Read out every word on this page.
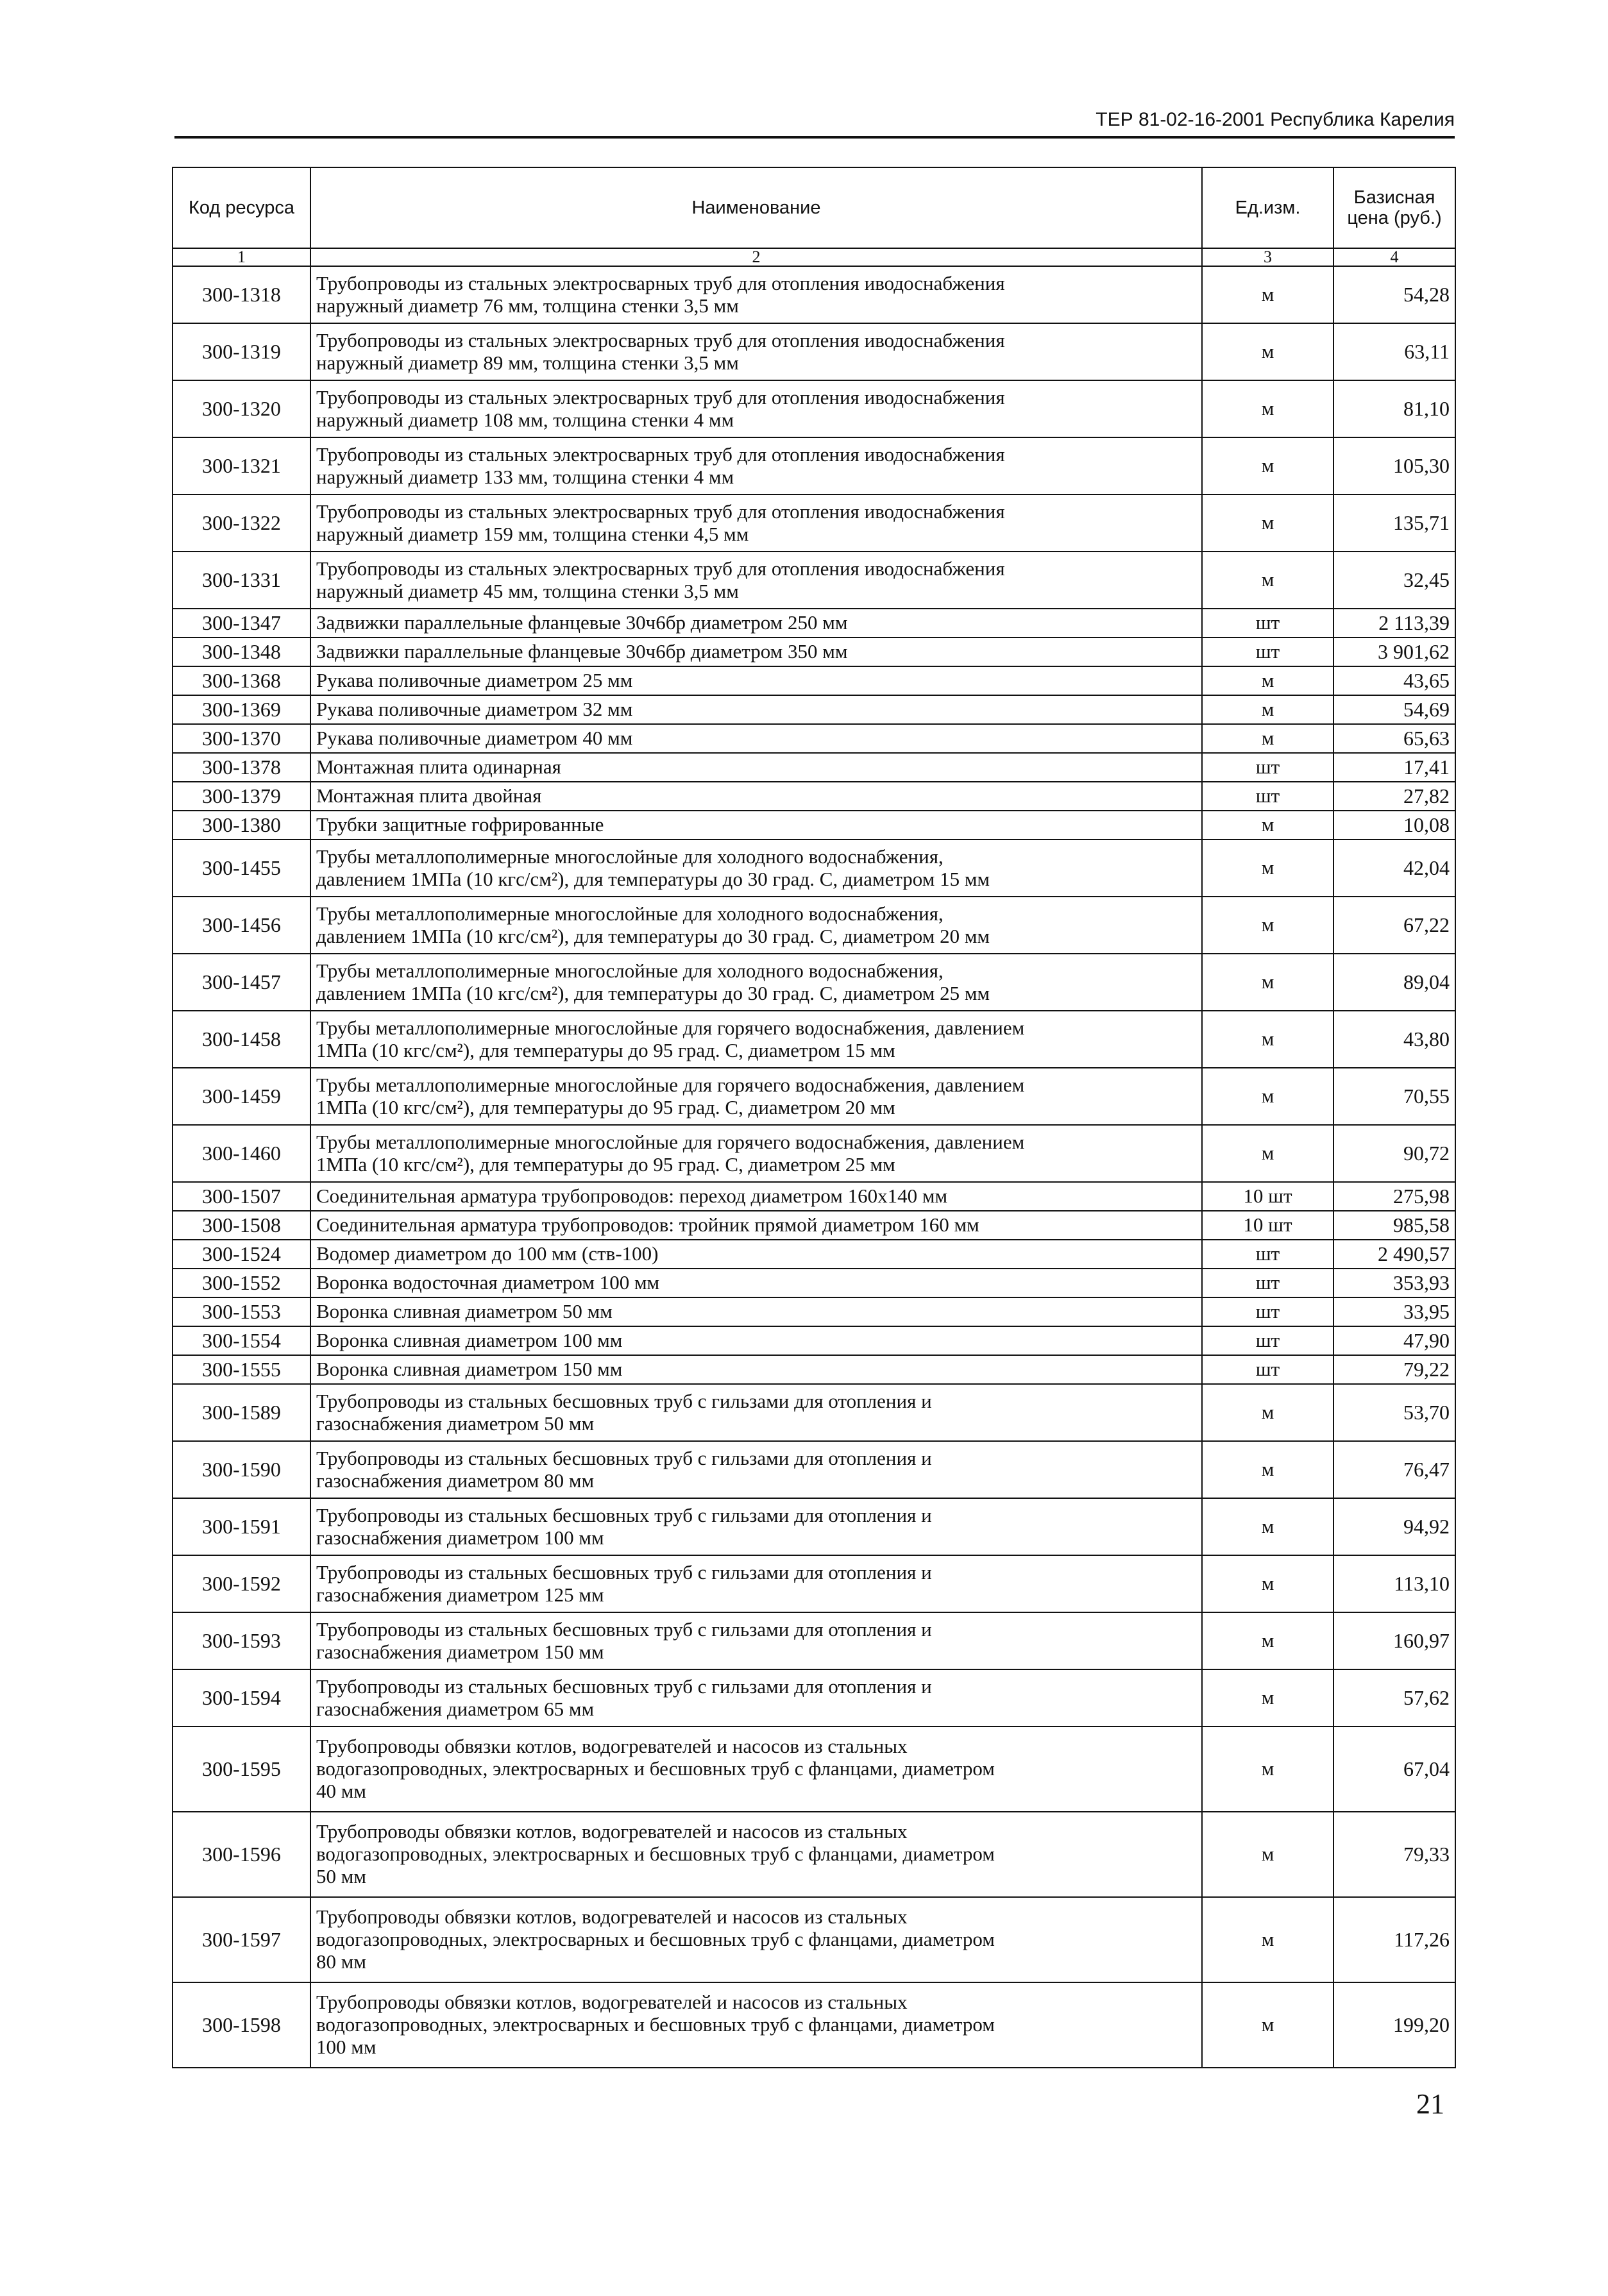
ТЕР 81-02-16-2001 Республика Карелия
Код ресурса	Наименование	Ед.изм.	Базисная цена (руб.)
1	2	3	4
300-1318	Трубопроводы из стальных электросварных труб для отопления иводоснабжения
наружный диаметр 76 мм, толщина стенки 3,5 мм	м	54,28
300-1319	Трубопроводы из стальных электросварных труб для отопления иводоснабжения
наружный диаметр 89 мм, толщина стенки 3,5 мм	м	63,11
300-1320	Трубопроводы из стальных электросварных труб для отопления иводоснабжения
наружный диаметр 108 мм, толщина стенки 4 мм	м	81,10
300-1321	Трубопроводы из стальных электросварных труб для отопления иводоснабжения
наружный диаметр 133 мм, толщина стенки 4 мм	м	105,30
300-1322	Трубопроводы из стальных электросварных труб для отопления иводоснабжения
наружный диаметр 159 мм, толщина стенки 4,5 мм	м	135,71
300-1331	Трубопроводы из стальных электросварных труб для отопления иводоснабжения
наружный диаметр 45 мм, толщина стенки 3,5 мм	м	32,45
300-1347	Задвижки параллельные фланцевые 30ч6бр диаметром 250 мм	шт	2 113,39
300-1348	Задвижки параллельные фланцевые 30ч6бр диаметром 350 мм	шт	3 901,62
300-1368	Рукава поливочные диаметром 25 мм	м	43,65
300-1369	Рукава поливочные диаметром 32 мм	м	54,69
300-1370	Рукава поливочные диаметром 40 мм	м	65,63
300-1378	Монтажная плита одинарная	шт	17,41
300-1379	Монтажная плита двойная	шт	27,82
300-1380	Трубки защитные гофрированные	м	10,08
300-1455	Трубы металлополимерные многослойные для холодного водоснабжения,
давлением 1МПа (10 кгс/см²), для температуры до 30 град. С, диаметром 15 мм	м	42,04
300-1456	Трубы металлополимерные многослойные для холодного водоснабжения,
давлением 1МПа (10 кгс/см²), для температуры до 30 град. С, диаметром 20 мм	м	67,22
300-1457	Трубы металлополимерные многослойные для холодного водоснабжения,
давлением 1МПа (10 кгс/см²), для температуры до 30 град. С, диаметром 25 мм	м	89,04
300-1458	Трубы металлополимерные многослойные для горячего водоснабжения, давлением
1МПа (10 кгс/см²), для температуры до 95 град. С, диаметром 15 мм	м	43,80
300-1459	Трубы металлополимерные многослойные для горячего водоснабжения, давлением
1МПа (10 кгс/см²), для температуры до 95 град. С, диаметром 20 мм	м	70,55
300-1460	Трубы металлополимерные многослойные для горячего водоснабжения, давлением
1МПа (10 кгс/см²), для температуры до 95 град. С, диаметром 25 мм	м	90,72
300-1507	Соединительная арматура трубопроводов: переход диаметром 160х140 мм	10 шт	275,98
300-1508	Соединительная арматура трубопроводов: тройник прямой диаметром 160 мм	10 шт	985,58
300-1524	Водомер диаметром до 100 мм (ств-100)	шт	2 490,57
300-1552	Воронка водосточная диаметром 100 мм	шт	353,93
300-1553	Воронка сливная диаметром 50 мм	шт	33,95
300-1554	Воронка сливная диаметром 100 мм	шт	47,90
300-1555	Воронка сливная диаметром 150 мм	шт	79,22
300-1589	Трубопроводы из стальных бесшовных труб с гильзами для отопления и
газоснабжения диаметром 50 мм	м	53,70
300-1590	Трубопроводы из стальных бесшовных труб с гильзами для отопления и
газоснабжения диаметром 80 мм	м	76,47
300-1591	Трубопроводы из стальных бесшовных труб с гильзами для отопления и
газоснабжения диаметром 100 мм	м	94,92
300-1592	Трубопроводы из стальных бесшовных труб с гильзами для отопления и
газоснабжения диаметром 125 мм	м	113,10
300-1593	Трубопроводы из стальных бесшовных труб с гильзами для отопления и
газоснабжения диаметром 150 мм	м	160,97
300-1594	Трубопроводы из стальных бесшовных труб с гильзами для отопления и
газоснабжения диаметром 65 мм	м	57,62
300-1595	Трубопроводы обвязки котлов, водогревателей и насосов из стальных
водогазопроводных, электросварных и бесшовных труб с фланцами, диаметром
40 мм	м	67,04
300-1596	Трубопроводы обвязки котлов, водогревателей и насосов из стальных
водогазопроводных, электросварных и бесшовных труб с фланцами, диаметром
50 мм	м	79,33
300-1597	Трубопроводы обвязки котлов, водогревателей и насосов из стальных
водогазопроводных, электросварных и бесшовных труб с фланцами, диаметром
80 мм	м	117,26
300-1598	Трубопроводы обвязки котлов, водогревателей и насосов из стальных
водогазопроводных, электросварных и бесшовных труб с фланцами, диаметром
100 мм	м	199,20
21
